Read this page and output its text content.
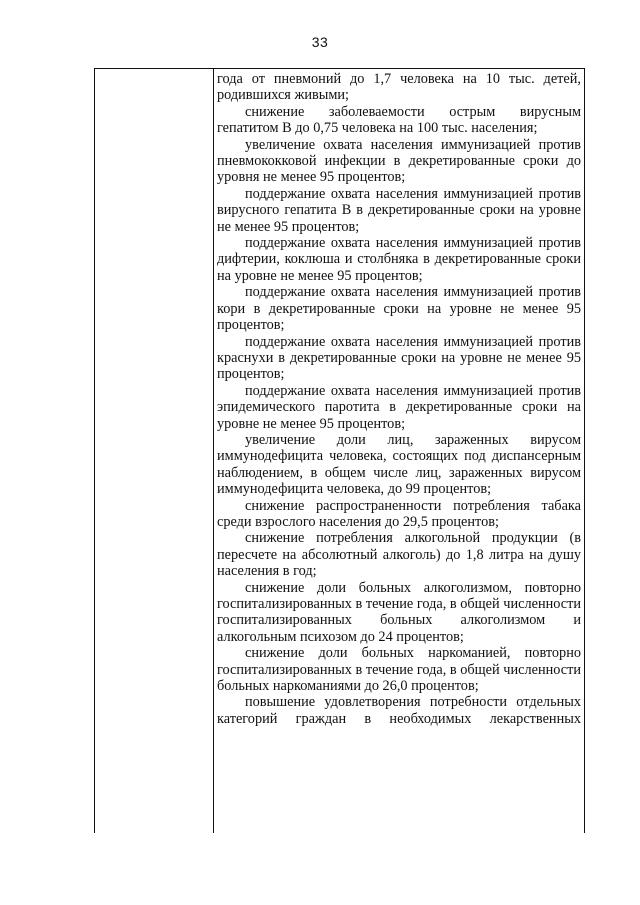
33

года от пневмоний до 1,7 человека на 10 тыс. детей, родившихся живыми;

снижение заболеваемости острым вирусным гепатитом В до 0,75 человека на 100 тыс. населения;

увеличение охвата населения иммунизацией против пневмококковой инфекции в декретированные сроки до уровня не менее 95 процентов;

поддержание охвата населения иммунизацией против вирусного гепатита В в декретированные сроки на уровне не менее 95 процентов;

поддержание охвата населения иммунизацией против дифтерии, коклюша и столбняка в декретированные сроки на уровне не менее 95 процентов;

поддержание охвата населения иммунизацией против кори в декретированные сроки на уровне не менее 95 процентов;

поддержание охвата населения иммунизацией против краснухи в декретированные сроки на уровне не менее 95 процентов;

поддержание охвата населения иммунизацией против эпидемического паротита в декретированные сроки на уровне не менее 95 процентов;

увеличение доли лиц, зараженных вирусом иммунодефицита человека, состоящих под диспансерным наблюдением, в общем числе лиц, зараженных вирусом иммунодефицита человека, до 99 процентов;

снижение распространенности потребления табака среди взрослого населения до 29,5 процентов;

снижение потребления алкогольной продукции (в пересчете на абсолютный алкоголь) до 1,8 литра на душу населения в год;

снижение доли больных алкоголизмом, повторно госпитализированных в течение года, в общей численности госпитализированных больных алкоголизмом и алкогольным психозом до 24 процентов;

снижение доли больных наркоманией, повторно госпитализированных в течение года, в общей численности больных наркоманиями до 26,0 процентов;

повышение удовлетворения потребности отдельных категорий граждан в необходимых лекарственных
